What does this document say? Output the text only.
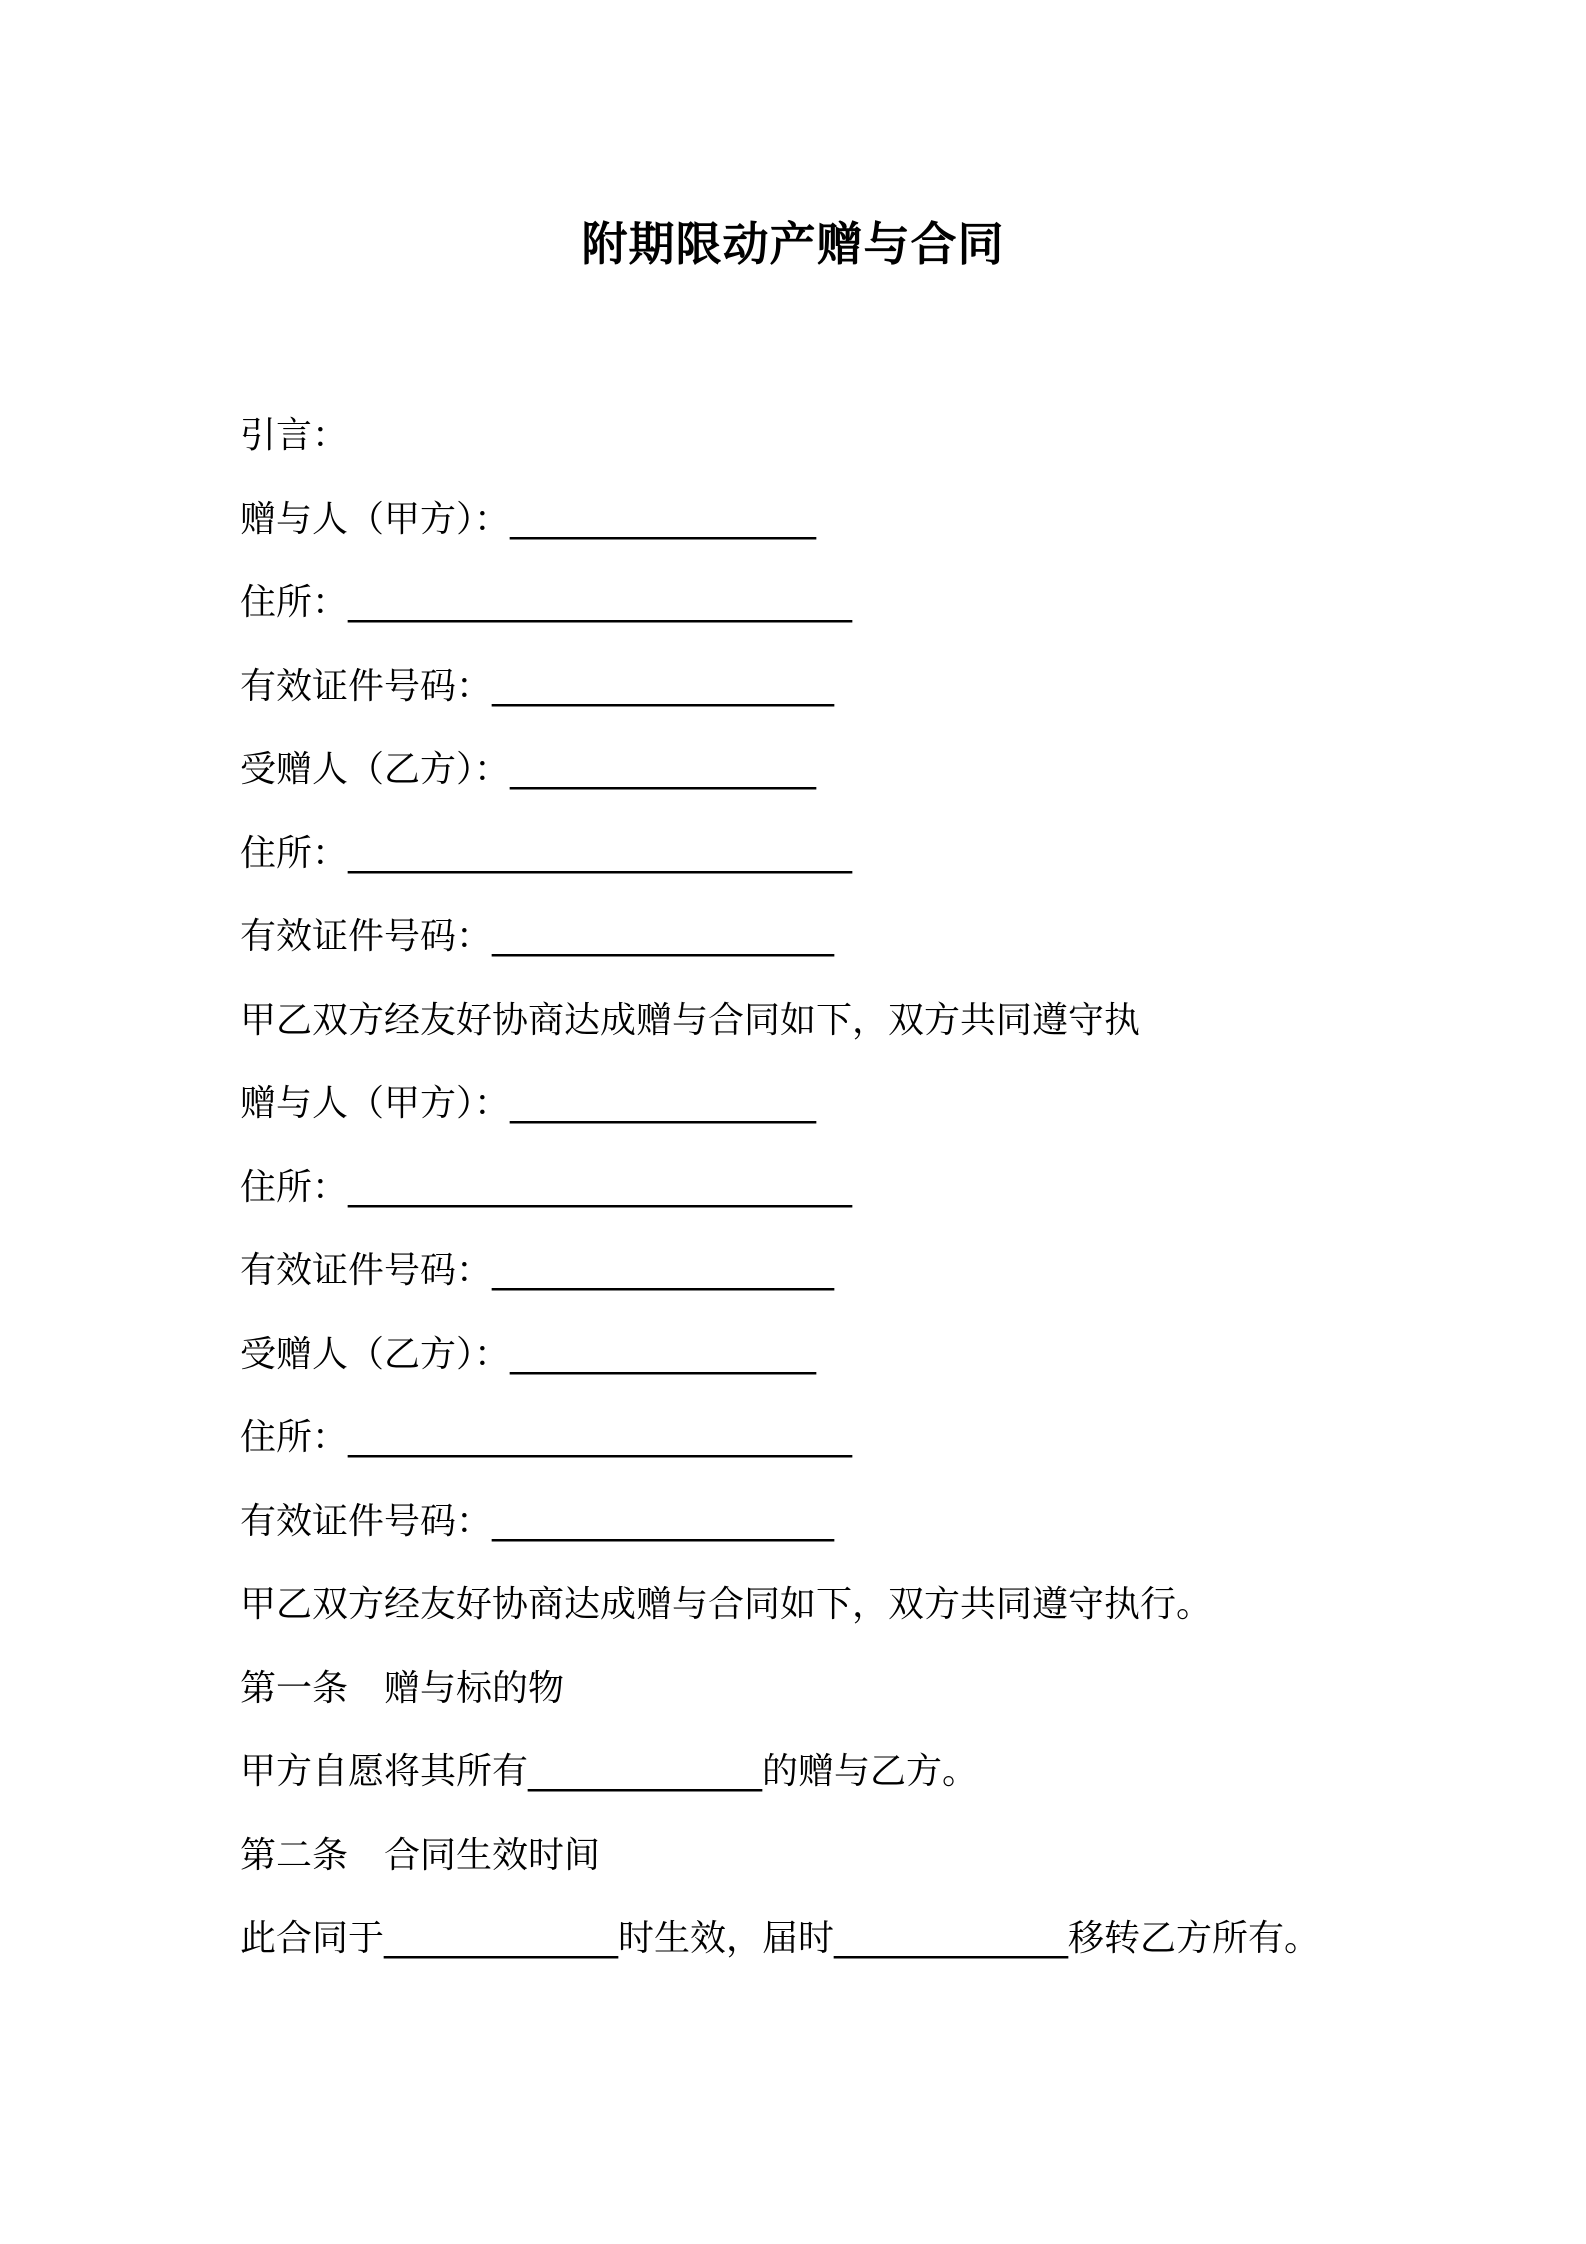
附期限动产赠与合同
引言：
赠与人（甲方）：_________________
住所：____________________________
有效证件号码：___________________
受赠人（乙方）：_________________
住所：____________________________
有效证件号码：___________________
甲乙双方经友好协商达成赠与合同如下，双方共同遵守执
赠与人（甲方）：_________________
住所：____________________________
有效证件号码：___________________
受赠人（乙方）：_________________
住所：____________________________
有效证件号码：___________________
甲乙双方经友好协商达成赠与合同如下，双方共同遵守执行。
第一条　赠与标的物
甲方自愿将其所有_____________的赠与乙方。
第二条　合同生效时间
此合同于_____________时生效，届时_____________移转乙方所有。
